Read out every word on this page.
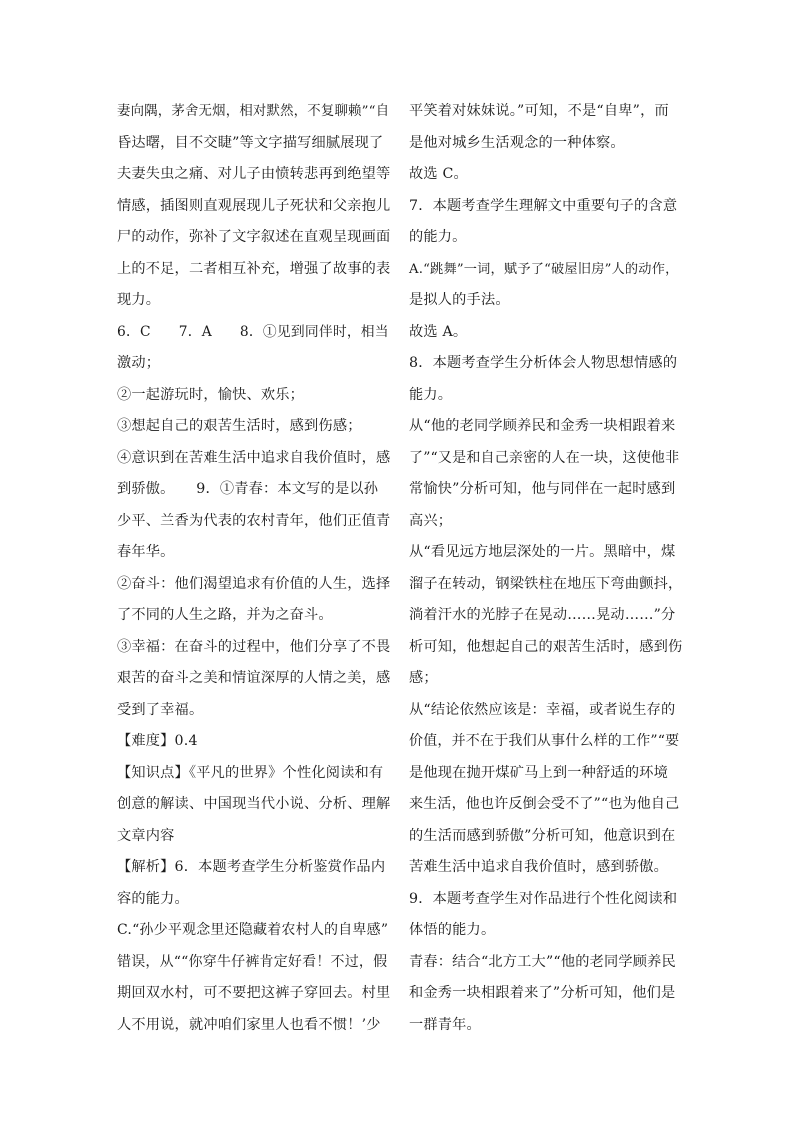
妻向隅，茅舍无烟，相对默然，不复聊赖”“自
昏达曙，目不交睫”等文字描写细腻展现了
夫妻失虫之痛、对儿子由愤转悲再到绝望等
情感，插图则直观展现儿子死状和父亲抱儿
尸的动作，弥补了文字叙述在直观呈现画面
上的不足，二者相互补充，增强了故事的表
现力。
6．C　　7．A　　8．①见到同伴时，相当
激动；
②一起游玩时，愉快、欢乐；
③想起自己的艰苦生活时，感到伤感；
④意识到在苦难生活中追求自我价值时，感
到骄傲。　　9．①青春：本文写的是以孙
少平、兰香为代表的农村青年，他们正值青
春年华。
②奋斗：他们渴望追求有价值的人生，选择
了不同的人生之路，并为之奋斗。
③幸福：在奋斗的过程中，他们分享了不畏
艰苦的奋斗之美和情谊深厚的人情之美，感
受到了幸福。
【难度】0.4
【知识点】《平凡的世界》个性化阅读和有
创意的解读、中国现当代小说、分析、理解
文章内容
【解析】6．本题考查学生分析鉴赏作品内
容的能力。
C.“孙少平观念里还隐藏着农村人的自卑感”
错误，从““你穿牛仔裤肯定好看！不过，假
期回双水村，可不要把这裤子穿回去。村里
人不用说，就冲咱们家里人也看不惯！’少
平笑着对妹妹说。”可知，不是“自卑”，而
是他对城乡生活观念的一种体察。
故选 C。
7．本题考查学生理解文中重要句子的含意
的能力。
A.“跳舞”一词，赋予了“破屋旧房”人的动作，
是拟人的手法。
故选 A。
8．本题考查学生分析体会人物思想情感的
能力。
从“他的老同学顾养民和金秀一块相跟着来
了”“又是和自己亲密的人在一块，这使他非
常愉快”分析可知，他与同伴在一起时感到
高兴；
从“看见远方地层深处的一片。黑暗中，煤
溜子在转动，钢梁铁柱在地压下弯曲颤抖，
淌着汗水的光脖子在晃动……晃动……”分
析可知，他想起自己的艰苦生活时，感到伤
感；
从“结论依然应该是：幸福，或者说生存的
价值，并不在于我们从事什么样的工作”“要
是他现在抛开煤矿马上到一种舒适的环境
来生活，他也许反倒会受不了”“也为他自己
的生活而感到骄傲”分析可知，他意识到在
苦难生活中追求自我价值时，感到骄傲。
9．本题考查学生对作品进行个性化阅读和
体悟的能力。
青春：结合“北方工大”“他的老同学顾养民
和金秀一块相跟着来了”分析可知，他们是
一群青年。
